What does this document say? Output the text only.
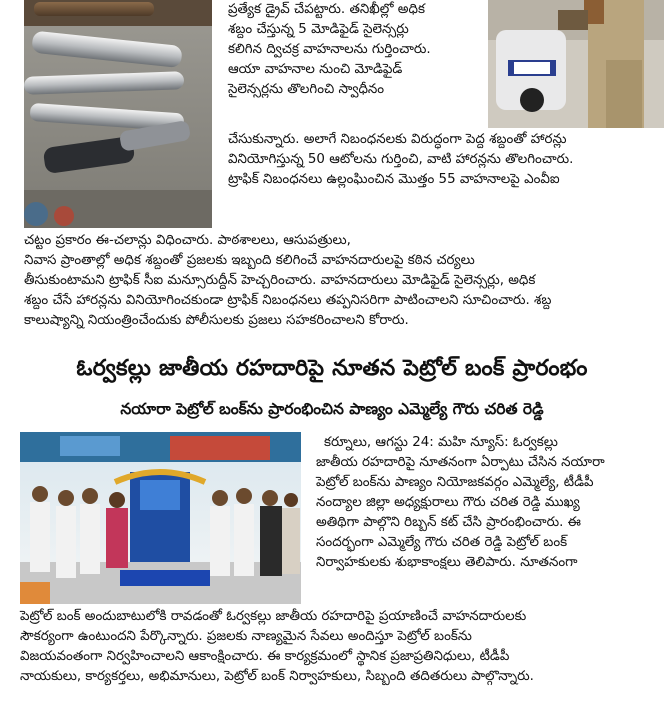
ప్రత్యేక డ్రైవ్ చేపట్టారు. తనిఖీల్లో అధిక
శబ్దం చేస్తున్న 5 మోడిఫైడ్ సైలెన్సర్లు
కలిగిన ద్విచక్ర వాహనాలను గుర్తించారు.
ఆయా వాహనాల నుంచి మోడిఫైడ్
సైలెన్సర్లను తొలగించి స్వాధీనం
చేసుకున్నారు. అలాగే నిబంధనలకు విరుద్ధంగా పెద్ద శబ్దంతో హారన్లు
వినియోగిస్తున్న 50 ఆటోలను గుర్తించి, వాటి హారన్లను తొలగించారు.
ట్రాఫిక్ నిబంధనలు ఉల్లంఘించిన మొత్తం 55 వాహనాలపై ఎంవీఐ
చట్టం ప్రకారం ఈ-చలాన్లు విధించారు. పాఠశాలలు, ఆసుపత్రులు,
నివాస ప్రాంతాల్లో అధిక శబ్దంతో ప్రజలకు ఇబ్బంది కలిగించే వాహనదారులపై కఠిన చర్యలు
తీసుకుంటామని ట్రాఫిక్ సీఐ మన్సూరుద్దీన్ హెచ్చరించారు. వాహనదారులు మోడిఫైడ్ సైలెన్సర్లు, అధిక
శబ్దం చేసే హారన్లను వినియోగించకుండా ట్రాఫిక్ నిబంధనలు తప్పనిసరిగా పాటించాలని సూచించారు. శబ్ద
కాలుష్యాన్ని నియంత్రించేందుకు పోలీసులకు ప్రజలు సహకరించాలని కోరారు.
ఓర్వకల్లు జాతీయ రహదారిపై నూతన పెట్రోల్ బంక్ ప్రారంభం
నయారా పెట్రోల్ బంక్‌ను ప్రారంభించిన పాణ్యం ఎమ్మెల్యే గౌరు చరిత రెడ్డి
కర్నూలు, ఆగస్టు 24: మహి న్యూస్: ఓర్వకల్లు
జాతీయ రహదారిపై నూతనంగా ఏర్పాటు చేసిన నయారా
పెట్రోల్ బంక్‌ను పాణ్యం నియోజకవర్గం ఎమ్మెల్యే, టీడీపీ
నంద్యాల జిల్లా అధ్యక్షురాలు గౌరు చరిత రెడ్డి ముఖ్య
అతిథిగా పాల్గొని రిబ్బన్ కట్ చేసి ప్రారంభించారు. ఈ
సందర్భంగా ఎమ్మెల్యే గౌరు చరిత రెడ్డి పెట్రోల్ బంక్
నిర్వాహకులకు శుభాకాంక్షలు తెలిపారు. నూతనంగా
పెట్రోల్ బంక్ అందుబాటులోకి రావడంతో ఓర్వకల్లు జాతీయ రహదారిపై ప్రయాణించే వాహనదారులకు
సౌకర్యంగా ఉంటుందని పేర్కొన్నారు. ప్రజలకు నాణ్యమైన సేవలు అందిస్తూ పెట్రోల్ బంక్‌ను
విజయవంతంగా నిర్వహించాలని ఆకాంక్షించారు. ఈ కార్యక్రమంలో స్థానిక ప్రజాప్రతినిధులు, టీడీపీ
నాయకులు, కార్యకర్తలు, అభిమానులు, పెట్రోల్ బంక్ నిర్వాహకులు, సిబ్బంది తదితరులు పాల్గొన్నారు.
